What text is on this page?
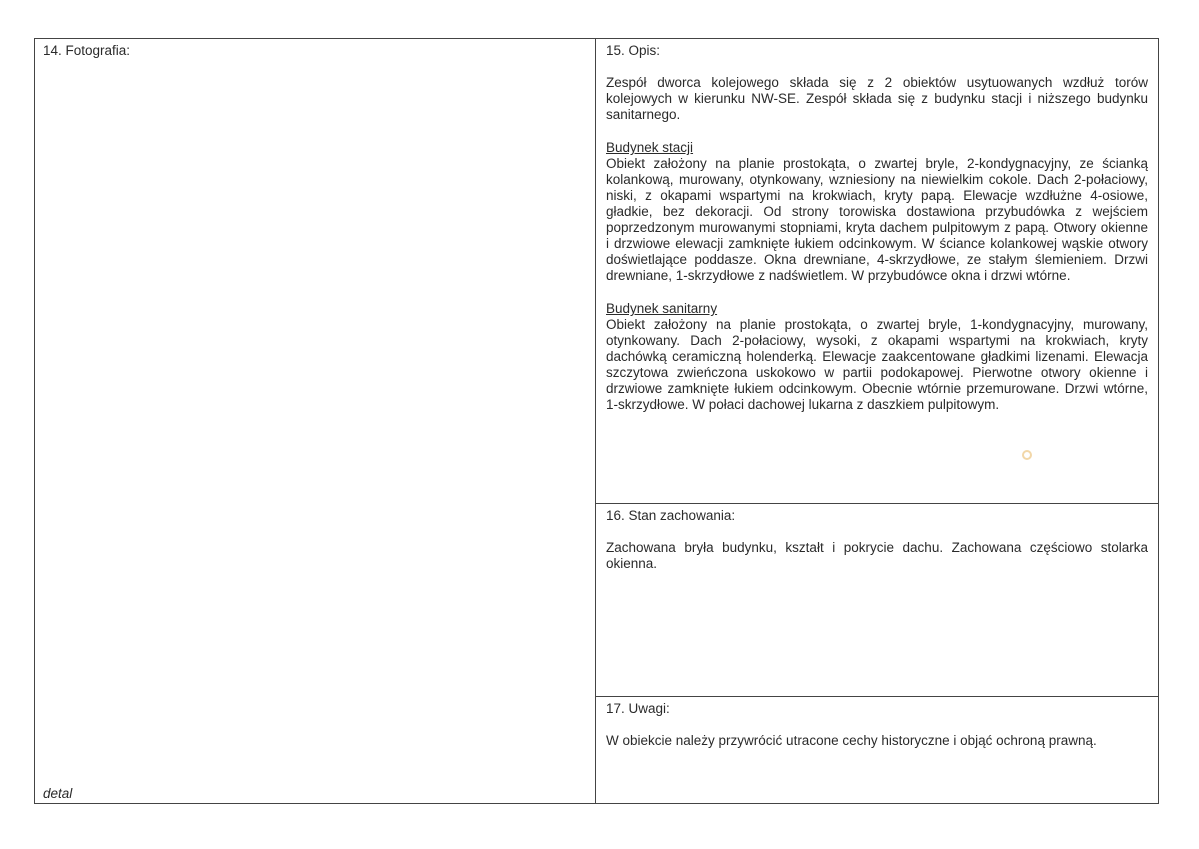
14. Fotografia:
detal
15. Opis:

Zespół dworca kolejowego składa się z 2 obiektów usytuowanych wzdłuż torów kolejowych w kierunku NW-SE. Zespół składa się z budynku stacji i niższego budynku sanitarnego.

Budynek stacji

Obiekt założony na planie prostokąta, o zwartej bryle, 2-kondygnacyjny, ze ścianką kolankową, murowany, otynkowany, wzniesiony na niewielkim cokole. Dach 2-połaciowy, niski, z okapami wspartymi na krokwiach, kryty papą. Elewacje wzdłużne 4-osiowe, gładkie, bez dekoracji. Od strony torowiska dostawiona przybudówka z wejściem poprzedzonym murowanymi stopniami, kryta dachem pulpitowym z papą. Otwory okienne i drzwiowe elewacji zamknięte łukiem odcinkowym. W ściance kolankowej wąskie otwory doświetlające poddasze. Okna drewniane, 4-skrzydłowe, ze stałym ślemieniem. Drzwi drewniane, 1-skrzydłowe z nadświetlem. W przybudówce okna i drzwi wtórne.

Budynek sanitarny

Obiekt założony na planie prostokąta, o zwartej bryle, 1-kondygnacyjny, murowany, otynkowany. Dach 2-połaciowy, wysoki, z okapami wspartymi na krokwiach, kryty dachówką ceramiczną holenderką. Elewacje zaakcentowane gładkimi lizenami. Elewacja szczytowa zwieńczona uskokowo w partii podokapowej. Pierwotne otwory okienne i drzwiowe zamknięte łukiem odcinkowym. Obecnie wtórnie przemurowane. Drzwi wtórne, 1-skrzydłowe. W połaci dachowej lukarna z daszkiem pulpitowym.

16. Stan zachowania:

Zachowana bryła budynku, kształt i pokrycie dachu. Zachowana częściowo stolarka okienna.

17. Uwagi:

W obiekcie należy przywrócić utracone cechy historyczne i objąć ochroną prawną.
